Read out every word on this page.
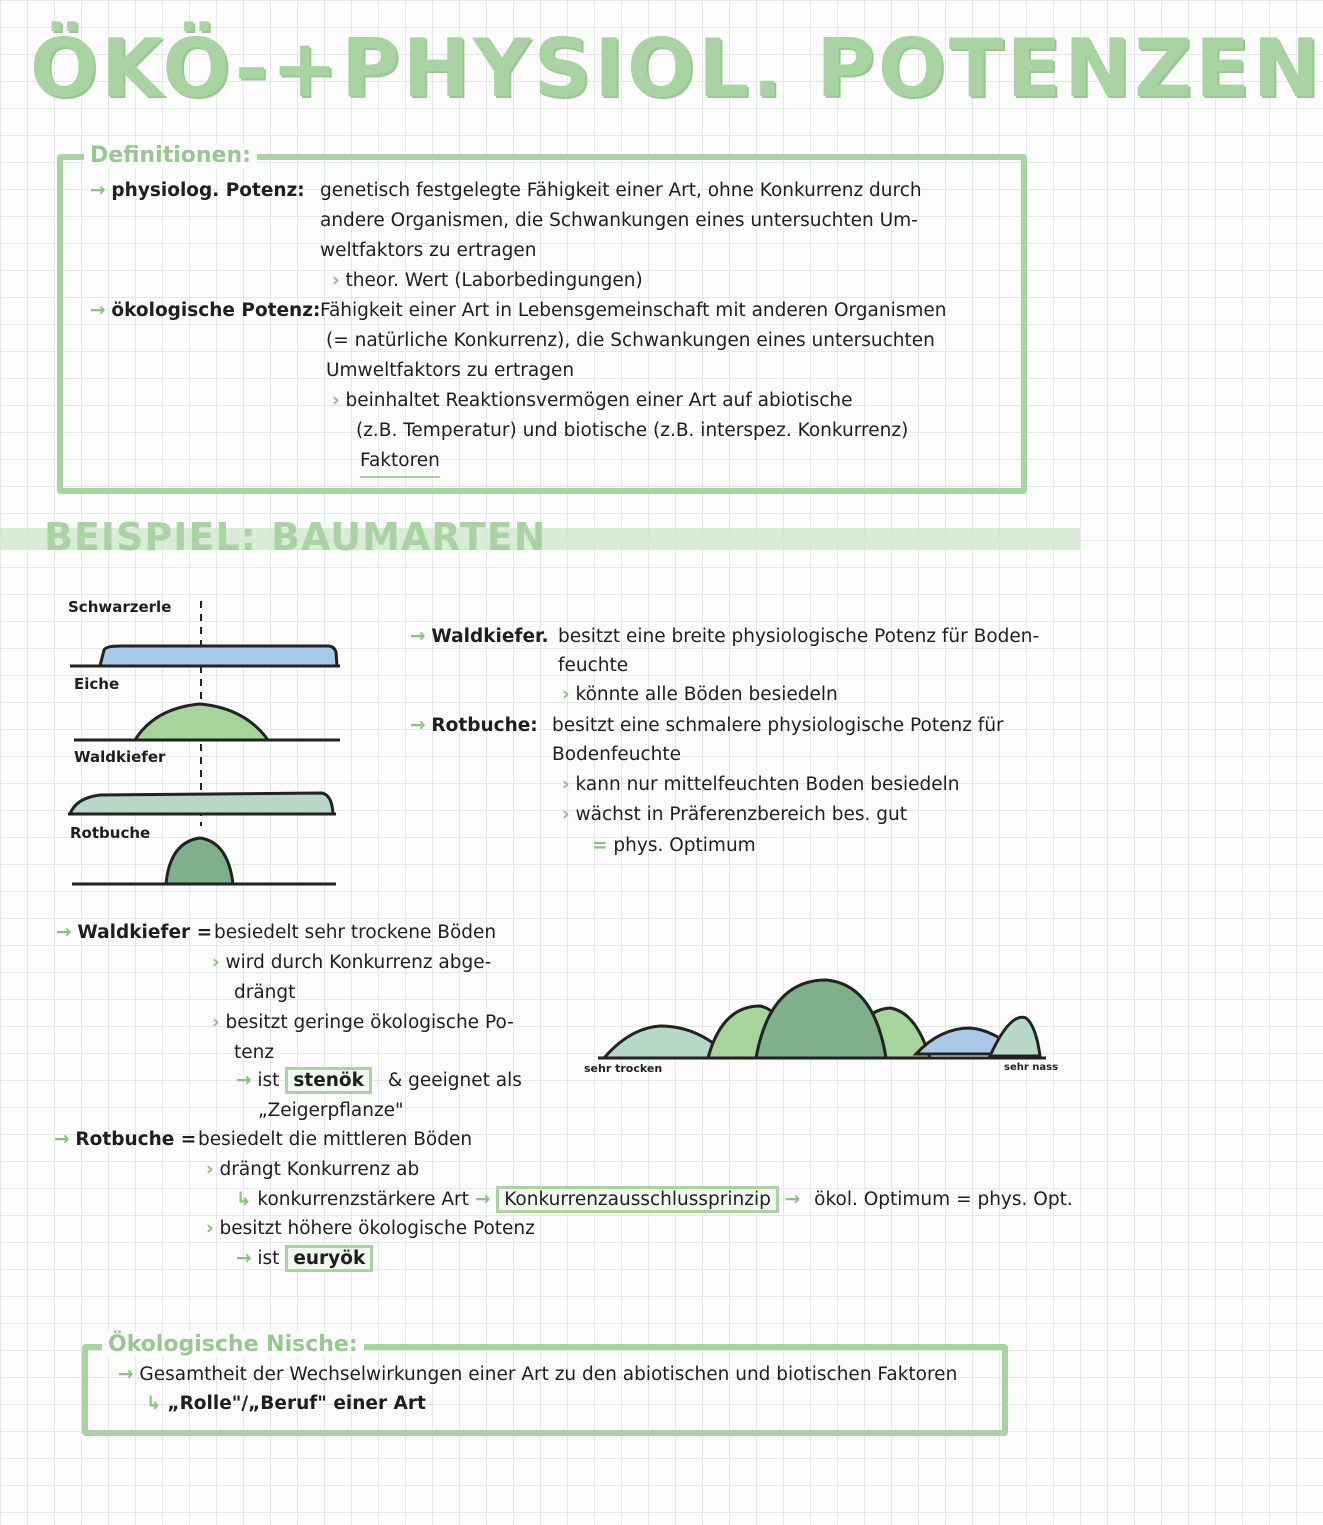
ÖKÖ-+PHYSIOL. POTENZEN
Definitionen:
→ physiolog. Potenz: genetisch festgelegte Fähigkeit einer Art, ohne Konkurrenz durch
andere Organismen, die Schwankungen eines untersuchten Um-
weltfaktors zu ertragen
› theor. Wert (Laborbedingungen)
→ ökologische Potenz: Fähigkeit einer Art in Lebensgemeinschaft mit anderen Organismen
(= natürliche Konkurrenz), die Schwankungen eines untersuchten
Umweltfaktors zu ertragen
› beinhaltet Reaktionsvermögen einer Art auf abiotische
(z.B. Temperatur) und biotische (z.B. interspez. Konkurrenz)
Faktoren
BEISPIEL: BAUMARTEN
Schwarzerle
Eiche
Waldkiefer
Rotbuche
→ Waldkiefer. besitzt eine breite physiologische Potenz für Boden-
feuchte
› könnte alle Böden besiedeln
→ Rotbuche: besitzt eine schmalere physiologische Potenz für
Bodenfeuchte
› kann nur mittelfeuchten Boden besiedeln
› wächst in Präferenzbereich bes. gut
= phys. Optimum
→ Waldkiefer = besiedelt sehr trockene Böden
› wird durch Konkurrenz abge-
drängt
› besitzt geringe ökologische Po-
tenz
→ ist stenök & geeignet als
„Zeigerpflanze"
→ Rotbuche = besiedelt die mittleren Böden
› drängt Konkurrenz ab
↳ konkurrenzstärkere Art → Konkurrenzausschlussprinzip → ökol. Optimum = phys. Opt.
› besitzt höhere ökologische Potenz
→ ist euryök
sehr trocken	sehr nass
Ökologische Nische:
→ Gesamtheit der Wechselwirkungen einer Art zu den abiotischen und biotischen Faktoren
↳ „Rolle"/„Beruf" einer Art
